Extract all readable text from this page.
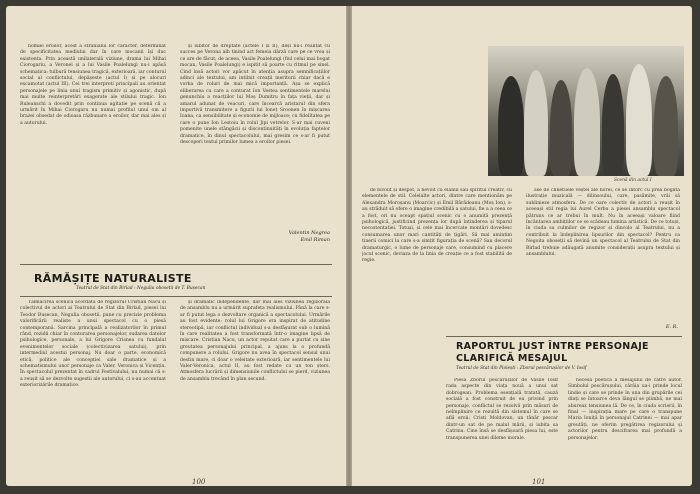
nomiei eroilor, acest a stranialui lor caracter, determinat de specificitatea mediului dar în care mocanii își duc existenta. Prin această unilateralâ viziune, drama lui Mihai Ciorogariu, a Veronei și a lui Vasile Poalelungi nu-i apăsă schematica: tulbură tensiunea tragică, exterioară, iar conturul social al conflictului, depășeste (actul I) și pe alocuri excamotat (actul III). Cei trei interpreti principali au orientat personajele pe linia unui tragism primitiv și agonistic, după mai multe reinterpretări exagerate ale stilului tragic. Ion Ruleanschi a dovedit prin continua agitatie pe scenă că a urmărit în Mihai Ciorogaru nu numai profilul unui om al brazei obsedat de odioasa răzbunare a eroilor, dar mai ales și a autorului.

și iubitor de dreptate (actele I și II), deși nu-i realitat cu succes pe Verona alb tinind act femeia dârză care pe ce vrea și ce are de făcut; de aceea, Vasile Poalelungi (fiul celui mai bogat mocan, Vasile Poalelungi) e ispitit să poarte cu ritmul pe sinel. Cind însă actori vor apăcut în atenția asupra semnificațiilor adinci ale textului, am intilnit creații meritorii chiar dacă e vorba de roluri de mai mică importanță. Așa se explică eliberarea cu care a conturat Ion Vestea sentimentele marelui genunchiu a reacțiilor lui Moș Dumitru în fața vieții, dar și amarul adunat de veacuri, care încearcă aristarul din sfera importivă transmitere a figurii lui Ioneț Sroonen în mișcarea Ioana, ca sensibilitate și economie de mijloace; cu fidelitatea pe care o pune Ion Lestoiu în rolul Jipi vetrelor. S-ar mai cuveni pomenite unele stângăcii și discontinuități în evoluția faptelor dramatice, în dinul spectacolului, mai gresim ce s-ar fi putut descoperi textul primilor lumea a eroilor piesei.

Valentin Negrea
Emil Riman
RĂMĂȘIȚE NATURALISTE
Teatrul de Stat din Birlad : Negulia obosetii de T. Bușecan

Tălmăcirea scenică acordată de regizorul Cristian Nacu și colectivul de actori ai Teatrului de Stat din Birlad, piesei lui Teodor Bușecan, Negulia obosetii, pune cu precizie problema valorificării realiste a unui spectacol cu o piesă contemporană. Sarcina principală a realizatorilor în primul rând, rezidă chiar în conturarea personajelor, sudarea datelor psihologice, personale, a lui Grigore Crisnea cu fundalul evenimentelor sociale (colectivizarea satului), prin intermediul acestui personaj. Nu doar o parte, economică etică, politice ale concepției sale dramatice și a schematismului unor personaje ca Valer, Veronica și Vicențiu. În spectacolul prezentat în cadrul Festivalului, nu numai că s-a reușit să se dezvolte sugestii ale autorului, ci s-au accentuat exteriorizările dramatice.

și dramatic independente, dar mai ales viziunea regizorală de ansamblu nu a urmărit suprafeța realismului. Până la care s-ar fi putut lega o dezvoltare organică a spectacolului. Urmările au fost evidente: rolul lui Grigore era inspirat de atitudine stereotipă, iar conflictul individual s-a desfășurat sub o lumină în care realitatea a fost transformată într-o imagine lipsă de mișcare. Cristian Nacu, un actor reputat care a purtat cu sine greutatea personajului principal, a ajuns la o profundă compunere a rolului. Grigore nu avea în spectacol sensul unui destin mare, ci doar o veleitate exterioară, iar sentimentele lui Valer-Veronica, actul II, au fost redate cu un ton șters. Atmosfera lucrării și dimensiunile conflictului se pierd, viziunea de ansamblu trecând în plan secund.

100
Scenă din actul I

de bivolit și despot, a nevoit cu elanul său spiritul creativ, cu elementele de stil. Celelalte actori, dintre care mentionăm pe Alexandra Moroșanu (Moarcic) și Emil Bărădeanu (Moș Ion), s-au străduit să ofere o imagine credibilă a satului, fie a a ceea ce a fost, ori nu oceapt spațiul scenic cu o anumită prezență psihologică, justificind prezența lor după întinderea și tiparul necostentatiei. Totuși, și cele mai încercate montări dovedesc consumarea unor mari cantități de țigări. Să mai amintim tinerii comici la care s-a simțit figurația de scenă? Sau decorul dramaturgic, o lume de personaje care, consumind cu placere jocul scenic, deviaza de la linia de creație ce a fost stabilită de regie.

ase de clinetuele veștei ale horei, ce se întorc cu prea bogata ilustrație muzicală — dilinsoului, care, pasămite, vrăi să sublinieze atmosfera. De ce oare colectiv de actori a reușit în aceeași stil regia lui Aurel Cerbu a piesei ansamblu spectacol pătruns ce ar trebui în mult. Nu în aceeași valoare fiind încântarea ambițiilor ce se scădeau lumina artistică. De ce totuși, în ciuda sa culmilor de regizor și dincolo al Teatrului, nu a contribuit la îndeplinirea lipsurilor din spectacol? Pentru ca Negoita oboseții să devină un spectacol al Teatrului de Stat din Birlad trebuie adăugată anumite considerații asupra textului și ansamblului.

E. R.
RAPORTUL JUST ÎNTRE PERSONAJE
CLARIFICĂ MESAJUL
Teatrul de Stat din Ploiești : Zborul pescărușilor de V. Iosif

Piesa Zborul pescărușilor de Vasile Iosif rada aspecte din viața nouă a unui sat dobrogean. Problema esențială tratată, cauză socială a fost construit de ea privind prin personaje, conflictul se rezolvă prin măsuri de neîmplinire ce rezultă din sistemul în care se află eroii: Cristi Moldovan, un tânăr pescar dintr-un sat de pe malul mării, și iubita sa Catrina. Cine însă se desfășoară piesa lui, este transpunerea unei dileme morale.

necesa poetică a mesajului de către autor. Simbolul pescărușului, cărăia ua-i prinde locul lindie și care se prinde în una din grupările cei dinți se întoarce deva lângul se plimbă, ne mai abureaz tensiunea lă. De ce, în ciuda scrierii, în final — inspirația mare pe care o transpune Maria Ioniță în personajul Catrinei — mai apar greutăți, ne oferim pregătirea regizorului și actorilor pentru descifrarea mai profundă a personajelor.

101
